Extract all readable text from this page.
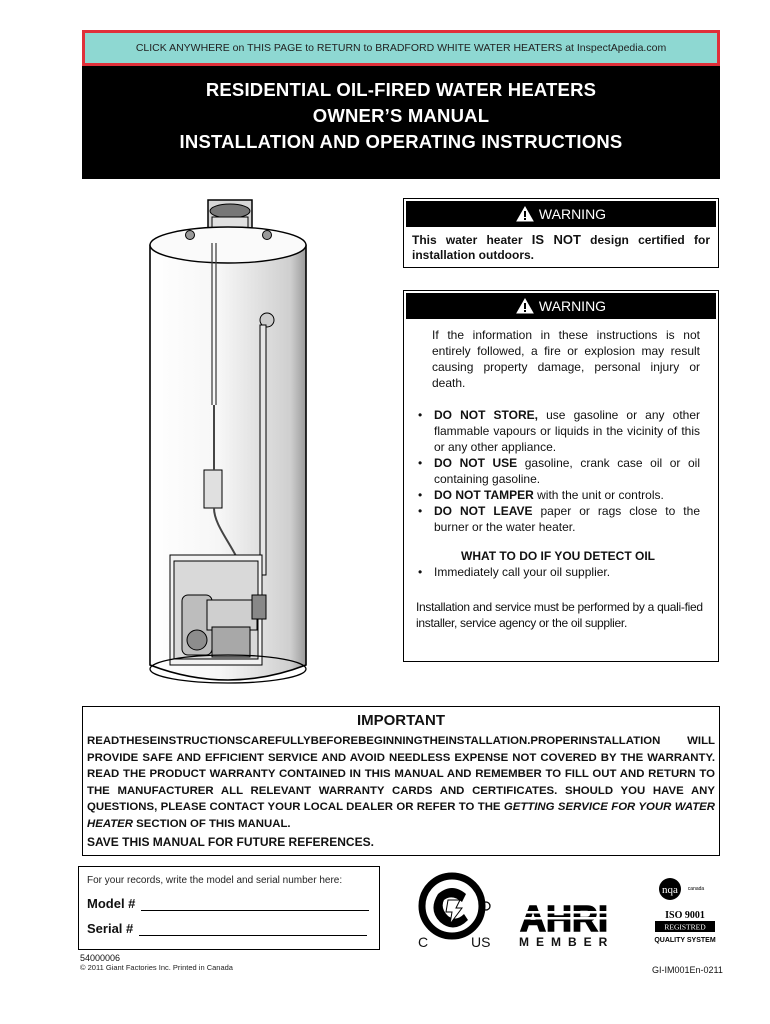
CLICK ANYWHERE on THIS PAGE to RETURN to BRADFORD WHITE WATER HEATERS at InspectApedia.com
RESIDENTIAL OIL-FIRED WATER HEATERS
OWNER’S MANUAL
INSTALLATION AND OPERATING INSTRUCTIONS
WARNING
This water heater IS NOT design certified for installation outdoors.
WARNING
If the information in these instructions is not entirely followed, a fire or explosion may result causing property damage, personal injury or death.
• DO NOT STORE, use gasoline or any other flammable vapours or liquids in the vicinity of this or any other appliance.
• DO NOT USE gasoline, crank case oil or oil containing gasoline.
• DO NOT TAMPER with the unit or controls.
• DO NOT LEAVE paper or rags close to the burner or the water heater.
WHAT TO DO IF YOU DETECT OIL
• Immediately call your oil supplier.
Installation and service must be performed by a quali-fied installer, service agency or the oil supplier.
IMPORTANT

READTHESEINSTRUCTIONSCAREFULLYBEFOREBEGINNINGTHEINSTALLATION.PROPERINSTALLATION WILL PROVIDE SAFE AND EFFICIENT SERVICE AND AVOID NEEDLESS EXPENSE NOT COVERED BY THE WARRANTY. READ THE PRODUCT WARRANTY CONTAINED IN THIS MANUAL AND REMEMBER TO FILL OUT AND RETURN TO THE MANUFACTURER ALL RELEVANT WARRANTY CARDS AND CERTIFICATES. SHOULD YOU HAVE ANY QUESTIONS, PLEASE CONTACT YOUR LOCAL DEALER OR REFER TO THE GETTING SERVICE FOR YOUR WATER HEATER SECTION OF THIS MANUAL.

SAVE THIS MANUAL FOR FUTURE REFERENCES.

For your records, write the model and serial number here:
Model #
Serial #
54000006
© 2011 Giant Factories Inc. Printed in Canada
C	US MEMBER
nqa canada
ISO 9001
REGISTRED
QUALITY SYSTEM
GI-IM001En-0211
